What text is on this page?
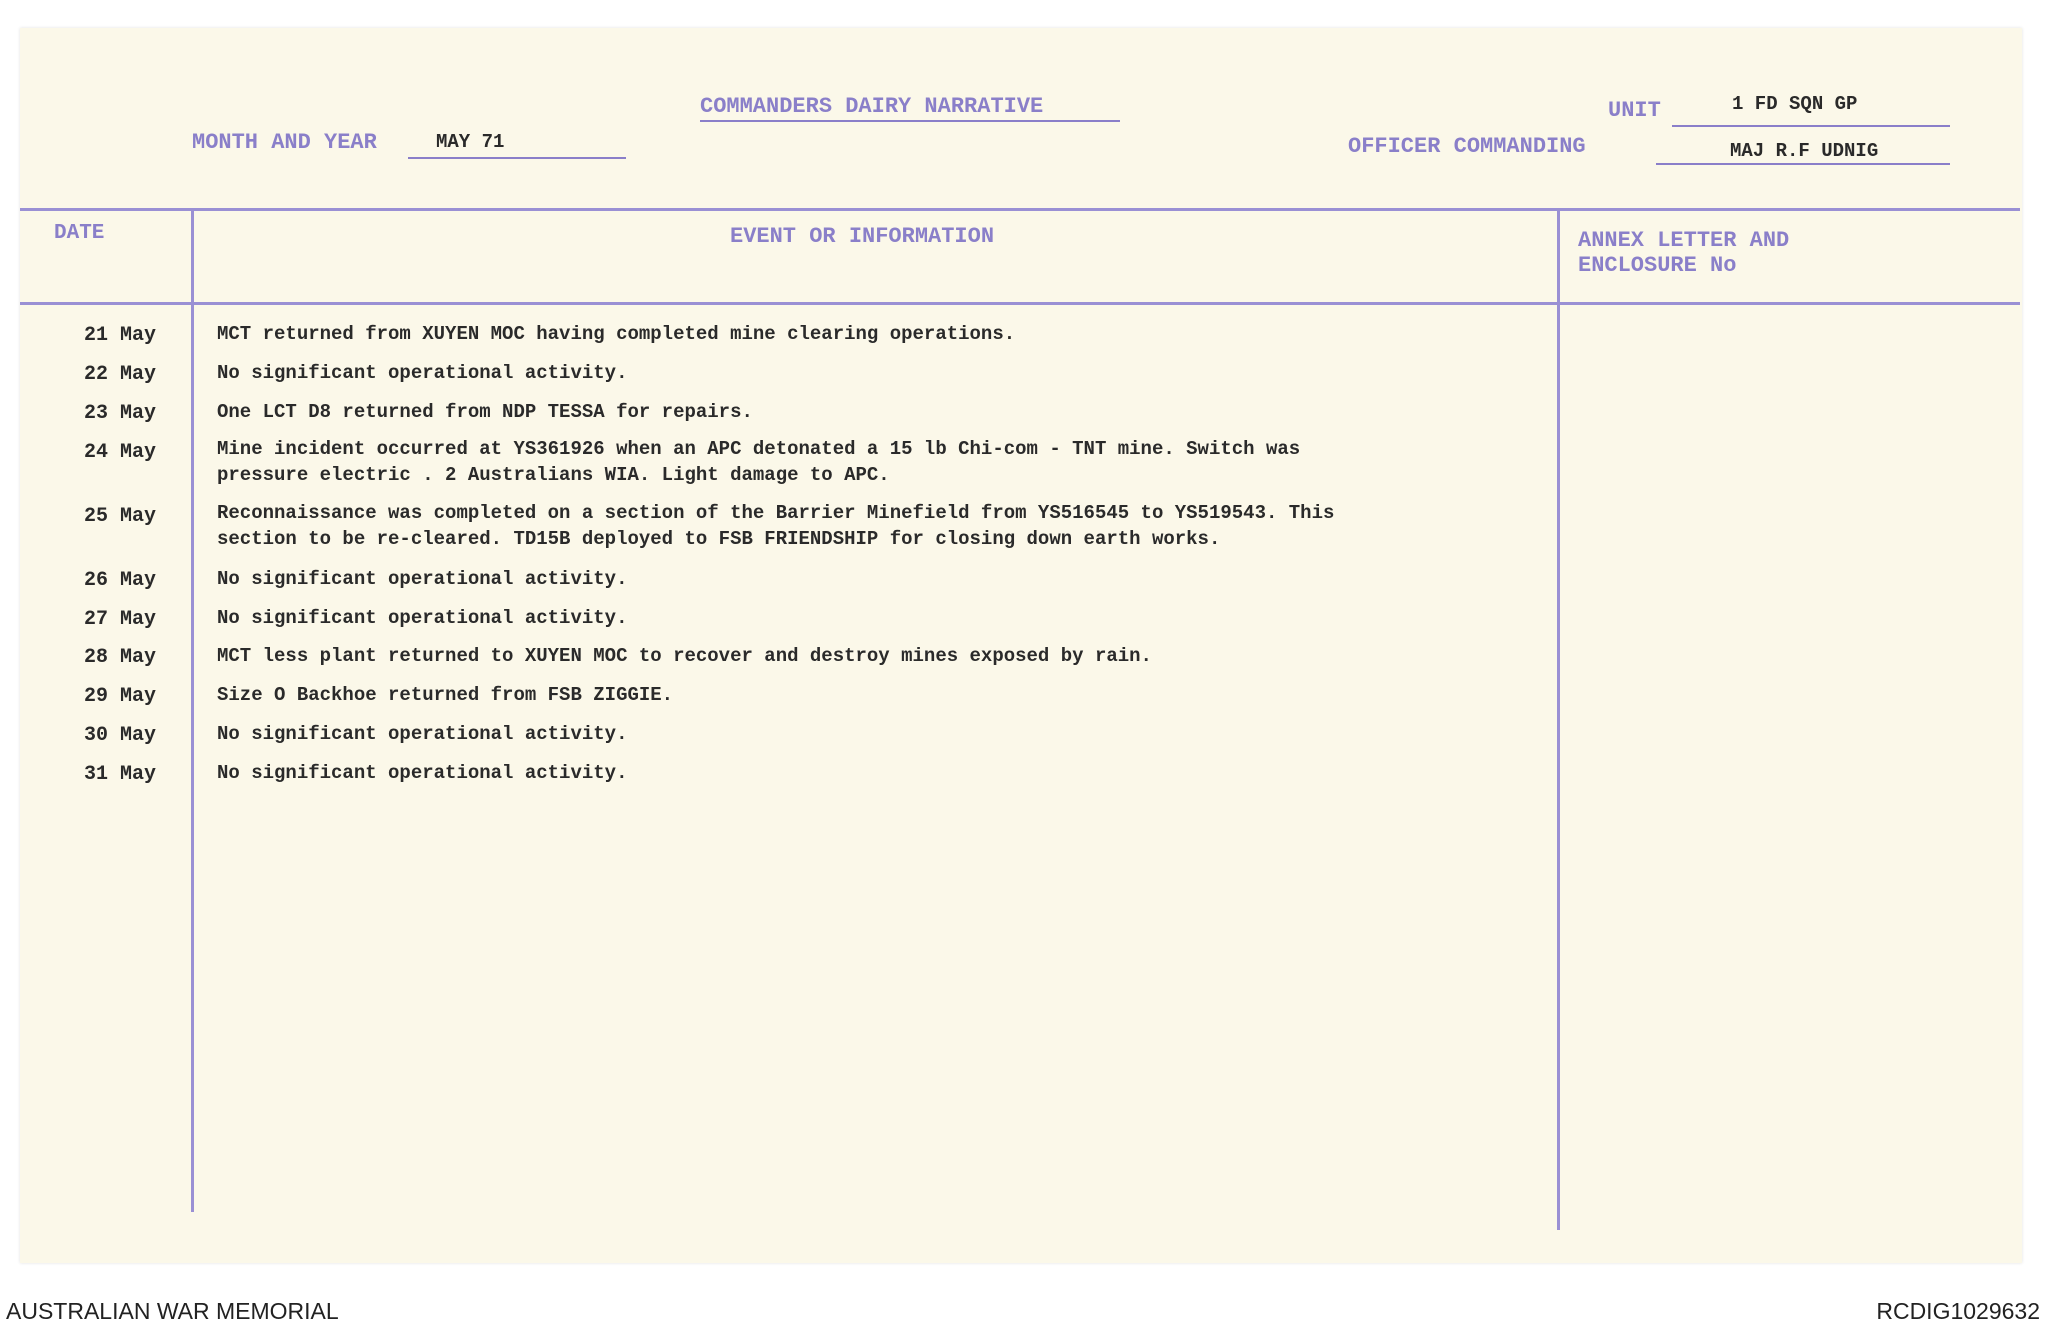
COMMANDERS DAIRY NARRATIVE
MONTH AND YEAR	MAY 71
UNIT	1 FD SQN GP
OFFICER COMMANDING	MAJ R.F UDNIG
DATE	EVENT OR INFORMATION	ANNEX LETTER AND
ENCLOSURE No
21 May	MCT returned from XUYEN MOC having completed mine clearing operations.
22 May	No significant operational activity.
23 May	One LCT D8 returned from NDP TESSA for repairs.
24 May	Mine incident occurred at YS361926 when an APC detonated a 15 lb Chi-com - TNT mine. Switch was
pressure electric . 2 Australians WIA. Light damage to APC.
25 May	Reconnaissance was completed on a section of the Barrier Minefield from YS516545 to YS519543. This
section to be re-cleared. TD15B deployed to FSB FRIENDSHIP for closing down earth works.
26 May	No significant operational activity.
27 May	No significant operational activity.
28 May	MCT less plant returned to XUYEN MOC to recover and destroy mines exposed by rain.
29 May	Size O Backhoe returned from FSB ZIGGIE.
30 May	No significant operational activity.
31 May	No significant operational activity.
AUSTRALIAN WAR MEMORIAL	RCDIG1029632
